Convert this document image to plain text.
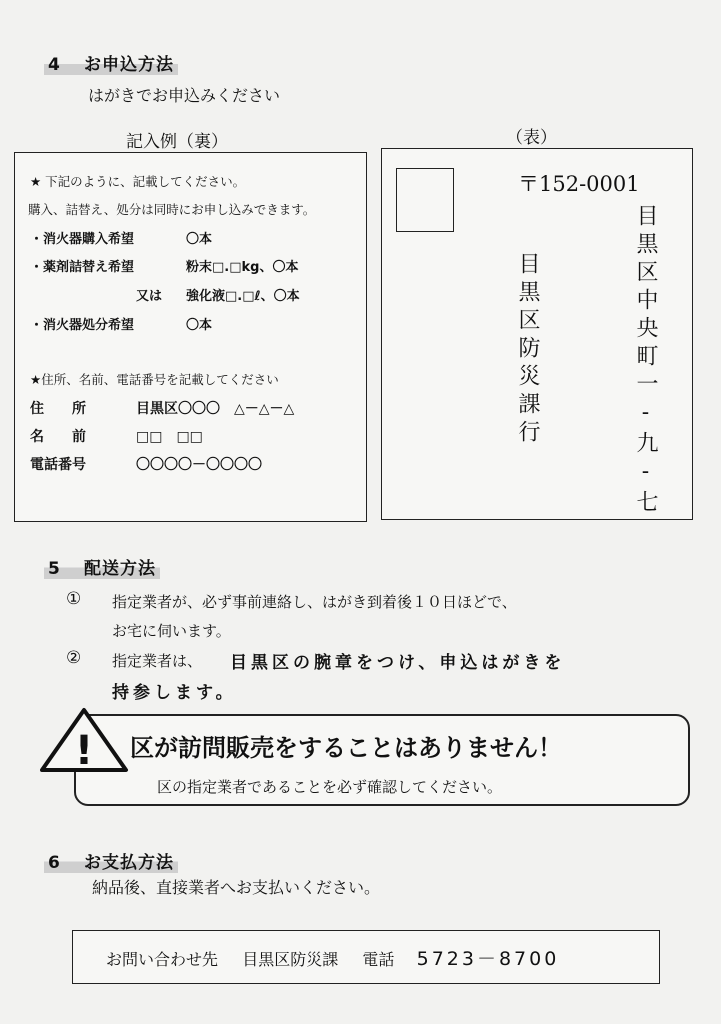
4 お申込方法
はがきでお申込みください
記入例（裏）	（表）
★ 下記のように、記載してください。
購入、詰替え、処分は同時にお申し込みできます。
・消火器購入希望	〇本
・薬剤詰替え希望	粉末□.□kg、〇本
又は 強化液□.□ℓ、〇本
・消火器処分希望	〇本
★住所、名前、電話番号を記載してください
住　　所	目黒区〇〇〇　△－△－△
名　　前	□□　□□
電話番号	〇〇〇〇－〇〇〇〇
〒152-0001
目黒区中央町一-九-七
目黒区防災課行
5 配送方法
① 指定業者が、必ず事前連絡し、はがき到着後１０日ほどで、
お宅に伺います。
② 指定業者は、 目黒区の腕章をつけ、申込はがきを
持参します。
! 区が訪問販売をすることはありません！
区の指定業者であることを必ず確認してください。
6 お支払方法
納品後、直接業者へお支払いください。
お問い合わせ先 目黒区防災課 電話 5723－8700
